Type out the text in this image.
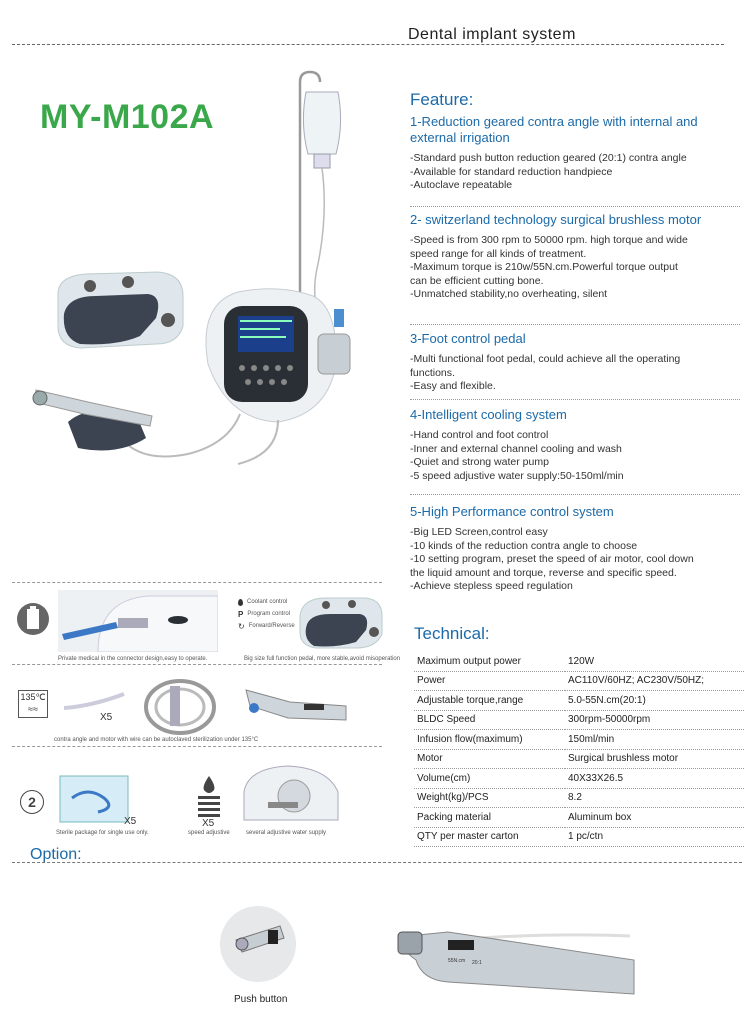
Dental implant system
MY-M102A	Feature:
1-Reduction geared contra angle with internal and external irrigation

-Standard push button reduction geared (20:1) contra angle
-Available for standard reduction handpiece
-Autoclave repeatable

2- switzerland technology surgical brushless motor

-Speed is from 300 rpm to 50000 rpm. high torque and wide
speed range for all kinds of treatment.
-Maximum torque is 210w/55N.cm.Powerful torque output
can be efficient cutting bone.
-Unmatched stability,no overheating, silent

3-Foot control pedal

-Multi functional foot pedal, could achieve all the operating
functions.
-Easy and flexible.

4-Intelligent cooling system

-Hand control and foot control
-Inner and external channel cooling and wash
-Quiet and strong water pump
-5 speed adjustive water supply:50-150ml/min

5-High Performance control system

-Big LED Screen,control easy
-10 kinds of the reduction contra angle to choose
-10 setting program, preset the speed of air motor, cool down
the liquid amount and torque, reverse and specific speed.
-Achieve stepless speed regulation

Private medical in the connector design,easy to operate.
Coolant control
P Program control
↻ Forward/Reverse
Big size full function pedal, more stable,avoid misoperation
135℃
≈≈
X5
contra angle and motor with wire can be autoclaved sterilization under 135°C
2
X5
Sterile package for single use only.
X5
speed adjustive	several adjustive water supply
Technical:
Maximum output power	120W
Power	AC110V/60HZ; AC230V/50HZ;
Adjustable torque,range	5.0-55N.cm(20:1)
BLDC Speed	300rpm-50000rpm
Infusion flow(maximum)	150ml/min
Motor	Surgical brushless motor
Volume(cm)	40X33X26.5
Weight(kg)/PCS	8.2
Packing material	Aluminum box
QTY per master carton	1 pc/ctn
Option:
Push button
55N.cm 20:1
